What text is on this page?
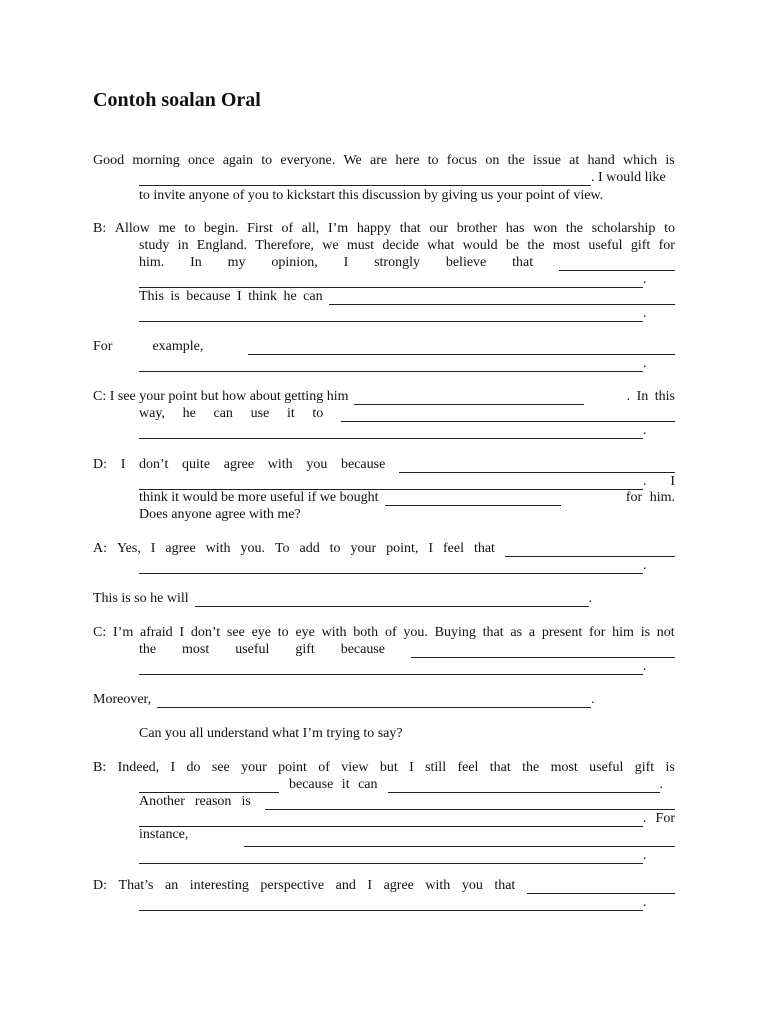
Contoh soalan Oral
Good morning once again to everyone. We are here to focus on the issue at hand which is
. I would like
to invite anyone of you to kickstart this discussion by giving us your point of view.
B: Allow me to begin. First of all, I’m happy that our brother has won the scholarship to
study in England. Therefore, we must decide what would be the most useful gift for
him. In my opinion, I strongly believe that
.
This is because I think he can
.
For	example,
.
C: I see your point but how about getting him	. In this
way, he can use it to
.
D: I don’t quite agree with you because
. I
think it would be more useful if we bought	for him.
Does anyone agree with me?
A: Yes, I agree with you. To add to your point, I feel that
.
This is so he will	.
C: I’m afraid I don’t see eye to eye with both of you. Buying that as a present for him is not
the most useful gift because
.
Moreover,	.
Can you all understand what I’m trying to say?
B: Indeed, I do see your point of view but I still feel that the most useful gift is
because it can	.
Another reason is
. For
instance,
.
D: That’s an interesting perspective and I agree with you that
.
